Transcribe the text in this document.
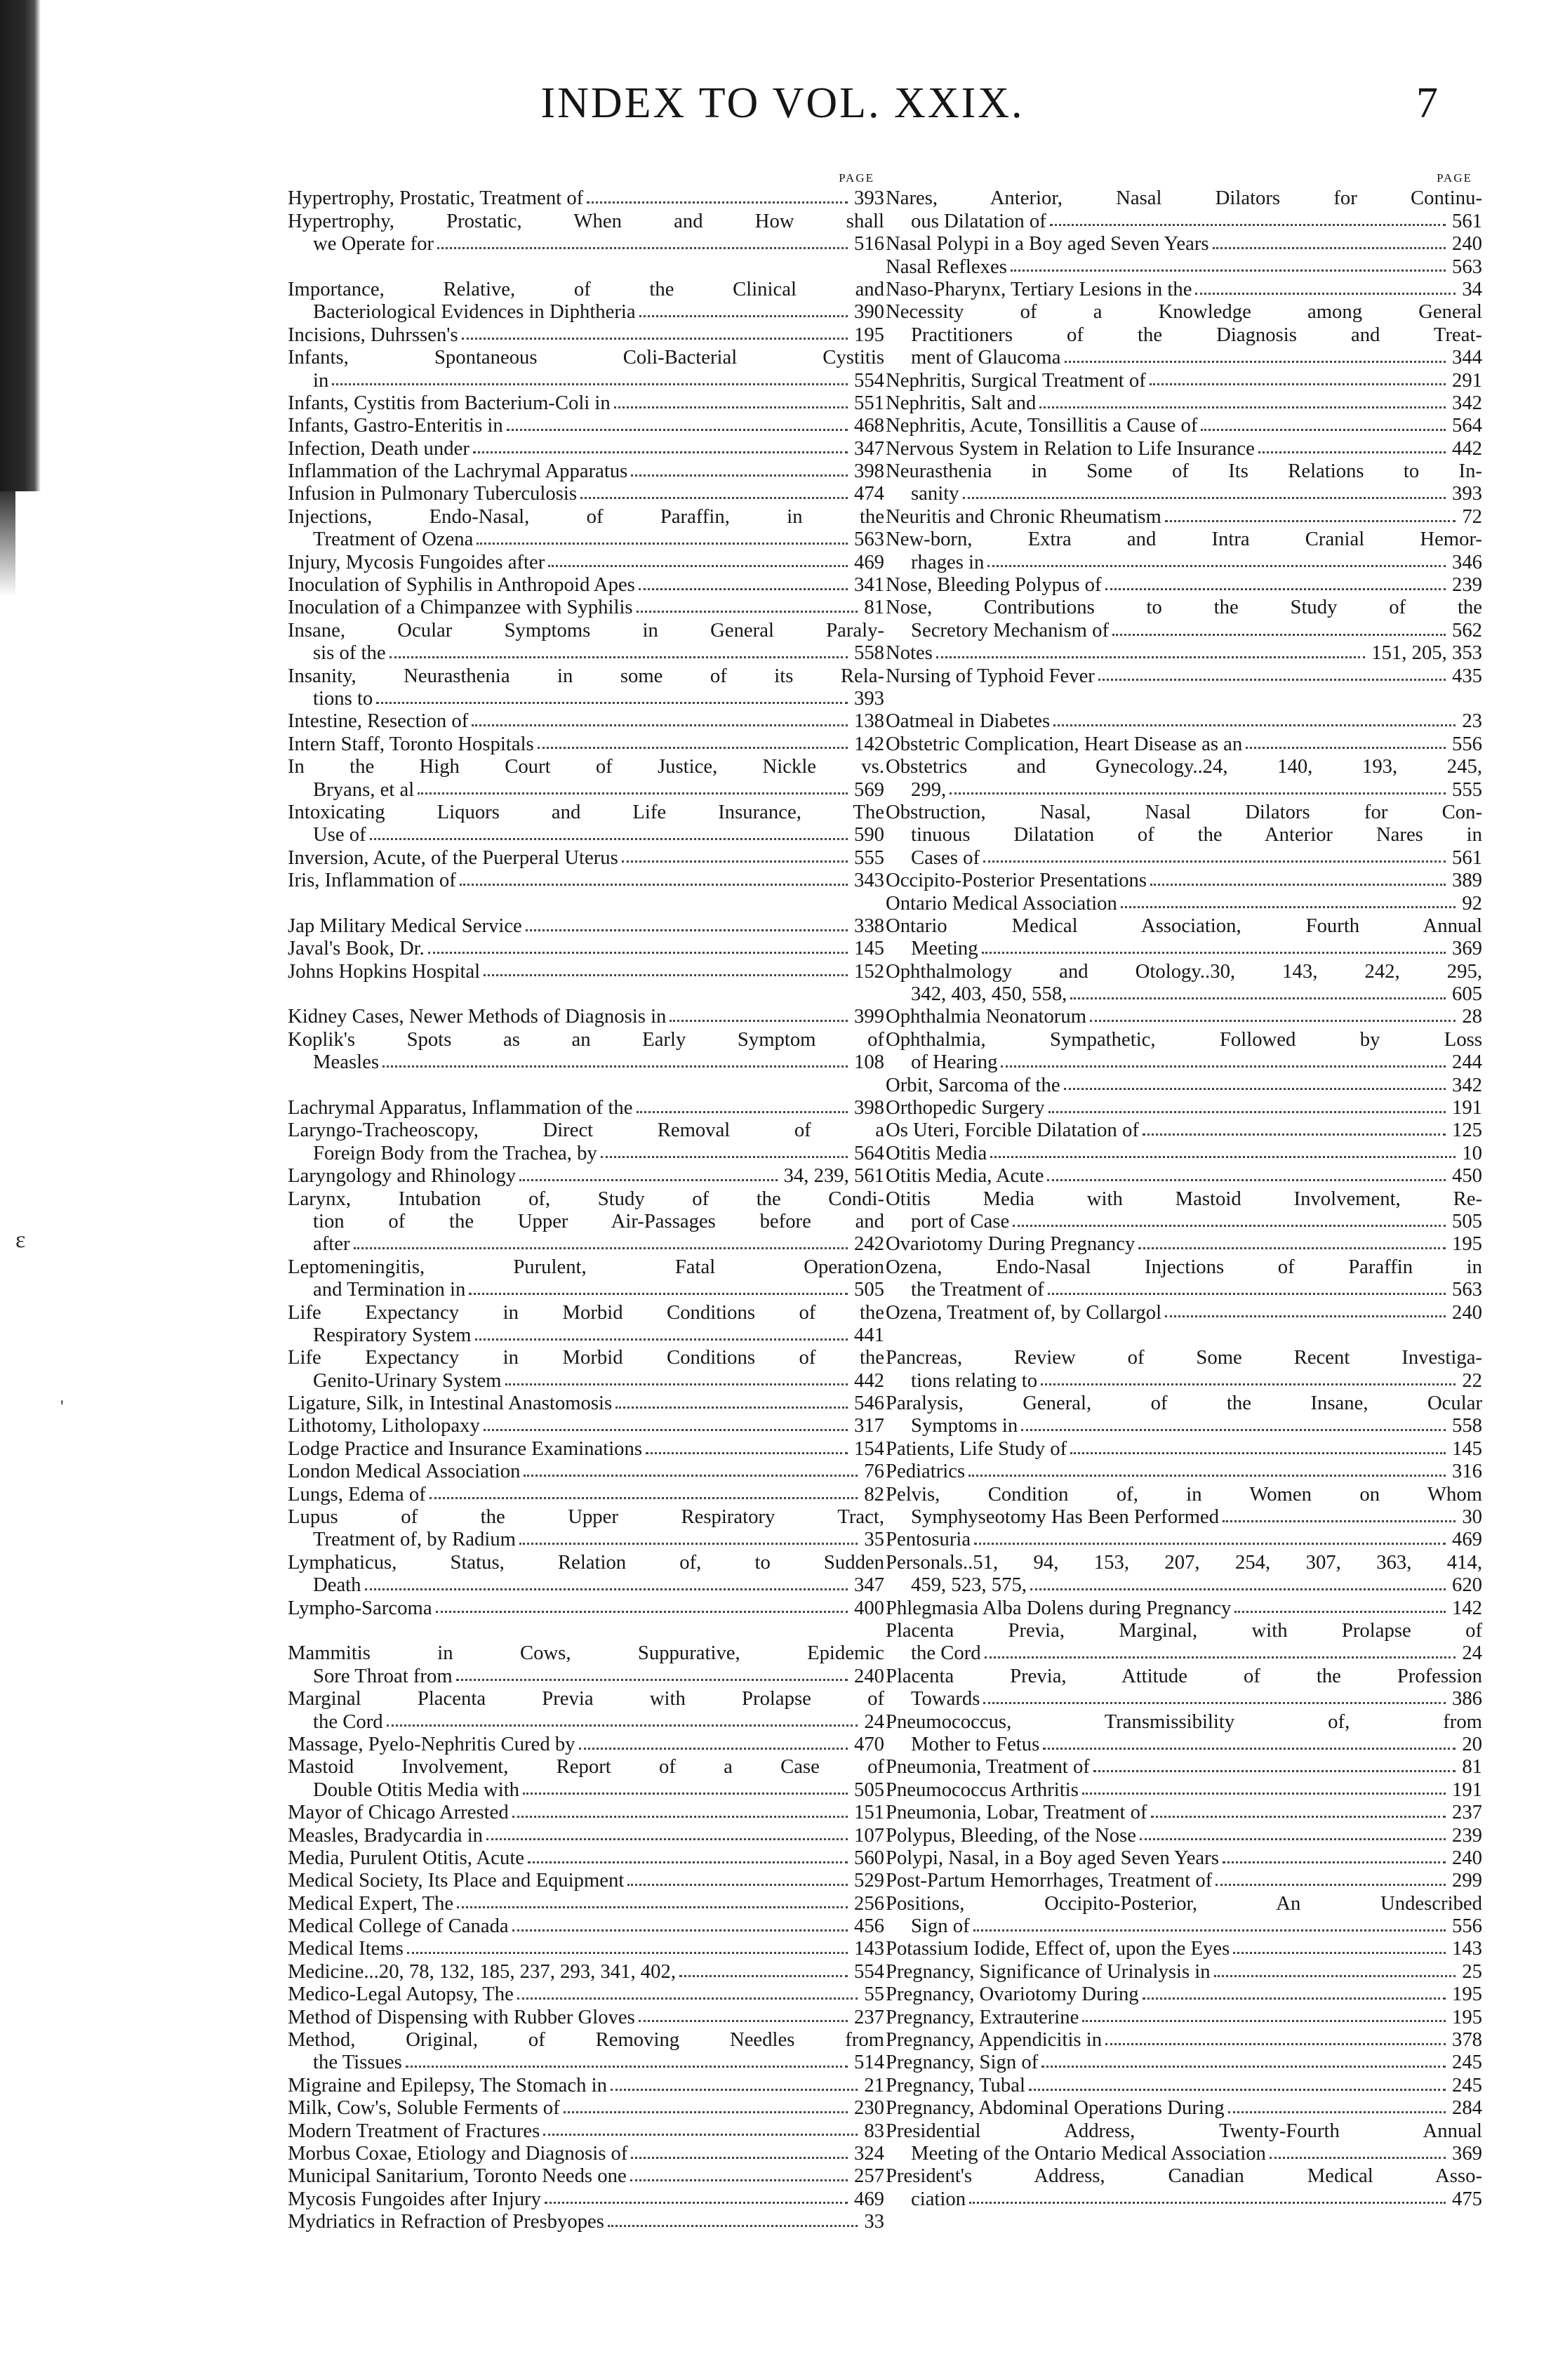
ε
'
INDEX TO VOL. XXIX.	7
PAGE
Hypertrophy, Prostatic, Treatment of	393
Hypertrophy, Prostatic, When and How shall
we Operate for	516
Importance, Relative, of the Clinical and
Bacteriological Evidences in Diphtheria	390
Incisions, Duhrssen's	195
Infants, Spontaneous Coli-Bacterial Cystitis
in	554
Infants, Cystitis from Bacterium-Coli in	551
Infants, Gastro-Enteritis in	468
Infection, Death under	347
Inflammation of the Lachrymal Apparatus	398
Infusion in Pulmonary Tuberculosis	474
Injections, Endo-Nasal, of Paraffin, in the
Treatment of Ozena	563
Injury, Mycosis Fungoides after	469
Inoculation of Syphilis in Anthropoid Apes	341
Inoculation of a Chimpanzee with Syphilis	81
Insane, Ocular Symptoms in General Paraly-
sis of the	558
Insanity, Neurasthenia in some of its Rela-
tions to	393
Intestine, Resection of	138
Intern Staff, Toronto Hospitals	142
In the High Court of Justice, Nickle vs.
Bryans, et al	569
Intoxicating Liquors and Life Insurance, The
Use of	590
Inversion, Acute, of the Puerperal Uterus	555
Iris, Inflammation of	343
Jap Military Medical Service	338
Javal's Book, Dr.	145
Johns Hopkins Hospital	152
Kidney Cases, Newer Methods of Diagnosis in	399
Koplik's Spots as an Early Symptom of
Measles	108
Lachrymal Apparatus, Inflammation of the	398
Laryngo-Tracheoscopy, Direct Removal of a
Foreign Body from the Trachea, by	564
Laryngology and Rhinology	34, 239, 561
Larynx, Intubation of, Study of the Condi-
tion of the Upper Air-Passages before and
after	242
Leptomeningitis, Purulent, Fatal Operation
and Termination in	505
Life Expectancy in Morbid Conditions of the
Respiratory System	441
Life Expectancy in Morbid Conditions of the
Genito-Urinary System	442
Ligature, Silk, in Intestinal Anastomosis	546
Lithotomy, Litholopaxy	317
Lodge Practice and Insurance Examinations	154
London Medical Association	76
Lungs, Edema of	82
Lupus of the Upper Respiratory Tract,
Treatment of, by Radium	35
Lymphaticus, Status, Relation of, to Sudden
Death	347
Lympho-Sarcoma	400
Mammitis in Cows, Suppurative, Epidemic
Sore Throat from	240
Marginal Placenta Previa with Prolapse of
the Cord	24
Massage, Pyelo-Nephritis Cured by	470
Mastoid Involvement, Report of a Case of
Double Otitis Media with	505
Mayor of Chicago Arrested	151
Measles, Bradycardia in	107
Media, Purulent Otitis, Acute	560
Medical Society, Its Place and Equipment	529
Medical Expert, The	256
Medical College of Canada	456
Medical Items	143
Medicine...20, 78, 132, 185, 237, 293, 341, 402,	554
Medico-Legal Autopsy, The	55
Method of Dispensing with Rubber Gloves	237
Method, Original, of Removing Needles from
the Tissues	514
Migraine and Epilepsy, The Stomach in	21
Milk, Cow's, Soluble Ferments of	230
Modern Treatment of Fractures	83
Morbus Coxae, Etiology and Diagnosis of	324
Municipal Sanitarium, Toronto Needs one	257
Mycosis Fungoides after Injury	469
Mydriatics in Refraction of Presbyopes	33
PAGE
Nares, Anterior, Nasal Dilators for Continu-
ous Dilatation of	561
Nasal Polypi in a Boy aged Seven Years	240
Nasal Reflexes	563
Naso-Pharynx, Tertiary Lesions in the	34
Necessity of a Knowledge among General
Practitioners of the Diagnosis and Treat-
ment of Glaucoma	344
Nephritis, Surgical Treatment of	291
Nephritis, Salt and	342
Nephritis, Acute, Tonsillitis a Cause of	564
Nervous System in Relation to Life Insurance	442
Neurasthenia in Some of Its Relations to In-
sanity	393
Neuritis and Chronic Rheumatism	72
New-born, Extra and Intra Cranial Hemor-
rhages in	346
Nose, Bleeding Polypus of	239
Nose, Contributions to the Study of the
Secretory Mechanism of	562
Notes	151, 205, 353
Nursing of Typhoid Fever	435
Oatmeal in Diabetes	23
Obstetric Complication, Heart Disease as an	556
Obstetrics and Gynecology..24, 140, 193, 245,
299,	555
Obstruction, Nasal, Nasal Dilators for Con-
tinuous Dilatation of the Anterior Nares in
Cases of	561
Occipito-Posterior Presentations	389
Ontario Medical Association	92
Ontario Medical Association, Fourth Annual
Meeting	369
Ophthalmology and Otology..30, 143, 242, 295,
342, 403, 450, 558,	605
Ophthalmia Neonatorum	28
Ophthalmia, Sympathetic, Followed by Loss
of Hearing	244
Orbit, Sarcoma of the	342
Orthopedic Surgery	191
Os Uteri, Forcible Dilatation of	125
Otitis Media	10
Otitis Media, Acute	450
Otitis Media with Mastoid Involvement, Re-
port of Case	505
Ovariotomy During Pregnancy	195
Ozena, Endo-Nasal Injections of Paraffin in
the Treatment of	563
Ozena, Treatment of, by Collargol	240
Pancreas, Review of Some Recent Investiga-
tions relating to	22
Paralysis, General, of the Insane, Ocular
Symptoms in	558
Patients, Life Study of	145
Pediatrics	316
Pelvis, Condition of, in Women on Whom
Symphyseotomy Has Been Performed	30
Pentosuria	469
Personals..51, 94, 153, 207, 254, 307, 363, 414,
459, 523, 575,	620
Phlegmasia Alba Dolens during Pregnancy	142
Placenta Previa, Marginal, with Prolapse of
the Cord	24
Placenta Previa, Attitude of the Profession
Towards	386
Pneumococcus, Transmissibility of, from
Mother to Fetus	20
Pneumonia, Treatment of	81
Pneumococcus Arthritis	191
Pneumonia, Lobar, Treatment of	237
Polypus, Bleeding, of the Nose	239
Polypi, Nasal, in a Boy aged Seven Years	240
Post-Partum Hemorrhages, Treatment of	299
Positions, Occipito-Posterior, An Undescribed
Sign of	556
Potassium Iodide, Effect of, upon the Eyes	143
Pregnancy, Significance of Urinalysis in	25
Pregnancy, Ovariotomy During	195
Pregnancy, Extrauterine	195
Pregnancy, Appendicitis in	378
Pregnancy, Sign of	245
Pregnancy, Tubal	245
Pregnancy, Abdominal Operations During	284
Presidential Address, Twenty-Fourth Annual
Meeting of the Ontario Medical Association	369
President's Address, Canadian Medical Asso-
ciation	475
